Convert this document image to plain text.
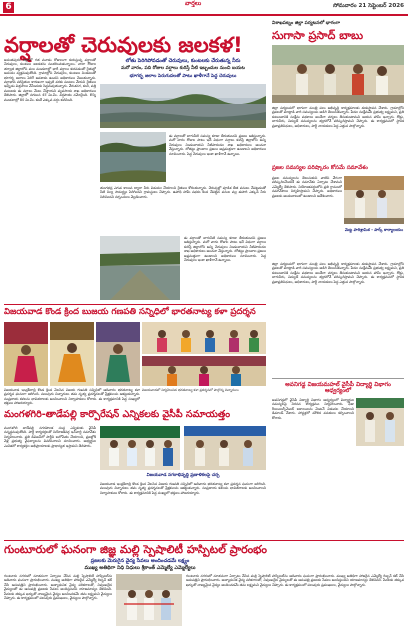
6	వార్తలు	సోమవారం 21 సెప్టెంబర్ 2026
వర్షాలతో చెరువులకు జలకళ!
లోతు పెరిగిపోవడంతో చెరువులు, కుంటలకు చేరుతున్న నీరు
మరో వారం, పది రోజుల వర్షాలు కురిస్తే నీటి ఇబ్బందుల నుంచి బయట
భూగర్భ జలాల పెరుగుదలతో పాటు ఖాళీగానే పెద్ద చెరువులు
అనంతపురం జిల్లాలో గత మూడు రోజులుగా కురుస్తున్న వర్షాలతో చెరువులు, కుంటలు జలకళను సంతరించుకున్నాయి. చాలా రోజుల తర్వాత జిల్లాలోని పలు మండలాల్లో భారీ వర్షాలు కురవడంతో రైతుల్లో ఆనందం వ్యక్తమవుతోంది. గ్రామాల్లోని చెరువులు, కుంటలు నిండటంతో భూగర్భ జలాలు పెరిగే అవకాశం ఉందని అధికారులు చెబుతున్నారు. వర్షాభావ పరిస్థితుల కారణంగా ఇప్పటి వరకు పంటలు వేయని రైతులు ఇప్పుడు విత్తనాలు వేసేందుకు సిద్ధమవుతున్నారు. వేరుశనగ, కంది, పత్తి పంటలకు ఈ వర్షాలు మేలు చేస్తాయని వ్యవసాయ శాఖ అధికారులు తెలిపారు. జిల్లాలో సగటున 45 మి.మీ. వర్షపాతం నమోదైంది. కొన్ని మండలాల్లో 80 మి.మీ. కంటే ఎక్కువ వర్షం కురిసింది.
ఈ వర్షాలతో తాగునీటి సమస్య కూడా తీరుతుందని ప్రజలు ఆశిస్తున్నారు. మరో వారం రోజుల పాటు ఇదే విధంగా వర్షాలు కురిస్తే జిల్లాలోని అన్ని చెరువులు నిండుతాయని నీటిపారుదల శాఖ అధికారులు అంచనా వేస్తున్నారు. లోతట్టు ప్రాంతాల ప్రజలు అప్రమత్తంగా ఉండాలని అధికారులు సూచించారు. పెద్ద చెరువులు ఇంకా ఖాళీగానే ఉన్నాయి.
తుంగభద్ర ఎగువ కాలువ ద్వారా నీరు విడుదల చేయాలని రైతులు కోరుతున్నారు. చెరువుల్లో పూడిక తీత పనులు చేపట్టడంతో నీటి నిల్వ సామర్థ్యం పెరిగిందని గ్రామస్థులు చెప్పారు. ఉపాధి హామీ పథకం కింద చేపట్టిన పనుల వల్ల ఈసారి ఎక్కువ నీరు నిలిచిందని సర్పంచులు వెల్లడించారు.
ఈ వర్షాలతో తాగునీటి సమస్య కూడా తీరుతుందని ప్రజలు ఆశిస్తున్నారు. మరో వారం రోజుల పాటు ఇదే విధంగా వర్షాలు కురిస్తే జిల్లాలోని అన్ని చెరువులు నిండుతాయని నీటిపారుదల శాఖ అధికారులు అంచనా వేస్తున్నారు. లోతట్టు ప్రాంతాల ప్రజలు అప్రమత్తంగా ఉండాలని అధికారులు సూచించారు. పెద్ద చెరువులు ఇంకా ఖాళీగానే ఉన్నాయి.
విశాఖపట్నం జిల్లా పర్యటనలో భాగంగా
సుగాసా ప్రసాద్ బాబు
జిల్లా పర్యటనలో భాగంగా మంత్రి పలు అభివృద్ధి కార్యక్రమాలకు శంకుస్థాపన చేశారు. గ్రామాల్లోని ప్రజలతో మాట్లాడి వారి సమస్యలను అడిగి తెలుసుకున్నారు. పేదల సంక్షేమమే ప్రభుత్వ లక్ష్యమని, ప్రతి కుటుంబానికి సంక్షేమ పథకాలు అందేలా చర్యలు తీసుకుంటామని ఆయన హామీ ఇచ్చారు. రోడ్లు, తాగునీరు, విద్యుత్ సమస్యలను త్వరలోనే పరిష్కరిస్తామని చెప్పారు. ఈ కార్యక్రమంలో స్థానిక ప్రజాప్రతినిధులు, అధికారులు, పార్టీ నాయకులు పెద్ద ఎత్తున పాల్గొన్నారు.
ప్రజల సమస్యల పరిష్కారం కోసమే సమావేశం
ప్రజల సమస్యలను తెలుసుకుని వాటిని వేగంగా పరిష్కరించేందుకే ఈ సమావేశం ఏర్పాటు చేశామని ఎమ్మెల్యే తెలిపారు. నియోజకవర్గంలోని ప్రతి గ్రామంలో సమావేశాలు నిర్వహిస్తామని చెప్పారు. అధికారులు ప్రజలకు అందుబాటులో ఉండాలని ఆదేశించారు.
మెట్ట పారిశ్రామిక - పార్క్ కార్యాలయం
జిల్లా పర్యటనలో భాగంగా మంత్రి పలు అభివృద్ధి కార్యక్రమాలకు శంకుస్థాపన చేశారు. గ్రామాల్లోని ప్రజలతో మాట్లాడి వారి సమస్యలను అడిగి తెలుసుకున్నారు. పేదల సంక్షేమమే ప్రభుత్వ లక్ష్యమని, ప్రతి కుటుంబానికి సంక్షేమ పథకాలు అందేలా చర్యలు తీసుకుంటామని ఆయన హామీ ఇచ్చారు. రోడ్లు, తాగునీరు, విద్యుత్ సమస్యలను త్వరలోనే పరిష్కరిస్తామని చెప్పారు. ఈ కార్యక్రమంలో స్థానిక ప్రజాప్రతినిధులు, అధికారులు, పార్టీ నాయకులు పెద్ద ఎత్తున పాల్గొన్నారు.
విజయవాడ కొండ క్రింద బుజయ గణపతి సన్నిధిలో భారతనాట్య కళా ప్రదర్శన
విజయవాడ ఇంద్రకీలాద్రి కొండ క్రింద వెలసిన విజయ గణపతి సన్నిధిలో ఆదివారం భరతనాట్య కళా ప్రదర్శన ఘనంగా జరిగింది. పలువురు చిన్నారులు తమ నృత్య ప్రదర్శనలతో ప్రేక్షకులను ఆకట్టుకున్నారు. సంప్రదాయ కళలను భావితరాలకు అందించాలని నిర్వాహకులు కోరారు. ఈ కార్యక్రమానికి పెద్ద సంఖ్యలో భక్తులు హాజరయ్యారు.
విజయవాడలో నిర్వహించిన భరతనాట్య కళా ప్రదర్శనలో పాల్గొన్న చిన్నారులు
మంగళగిరి-తాడేపల్లి కార్పొరేషన్ ఎన్నికలకు వైసీపీ సమాయత్తం
మంగళగిరి తాడేపల్లి నగరపాలక సంస్థ ఎన్నికలకు వైసీపీ సన్నద్ధమవుతోంది. పార్టీ కార్యకర్తలతో నియోజకవర్గ ఇన్‌చార్జి సమావేశం నిర్వహించారు. ప్రతి డివిజన్‌లో పార్టీని బలోపేతం చేయాలని, ప్రజల్లోకి వెళ్లి ప్రభుత్వ వైఫల్యాలను వివరించాలని సూచించారు. అభ్యర్థుల ఎంపికలో కార్యకర్తల అభిప్రాయాలకు ప్రాధాన్యత ఇస్తామని తెలిపారు.
విజయవాడ నగరాభివృద్ధి ప్రణాళికలపై చర్చ
విజయవాడ ఇంద్రకీలాద్రి కొండ క్రింద వెలసిన విజయ గణపతి సన్నిధిలో ఆదివారం భరతనాట్య కళా ప్రదర్శన ఘనంగా జరిగింది. పలువురు చిన్నారులు తమ నృత్య ప్రదర్శనలతో ప్రేక్షకులను ఆకట్టుకున్నారు. సంప్రదాయ కళలను భావితరాలకు అందించాలని నిర్వాహకులు కోరారు. ఈ కార్యక్రమానికి పెద్ద సంఖ్యలో భక్తులు హాజరయ్యారు.
అవనిగడ్డ విజయమహల్ వైసీపీ విద్యార్థి విభాగం ఆధ్వర్యంలో
అవనిగడ్డలో వైసీపీ విద్యార్థి విభాగం ఆధ్వర్యంలో విద్యార్థుల సమస్యలపై నిరసన కార్యక్రమం నిర్వహించారు. ఫీజు రీయింబర్స్‌మెంట్ బకాయిలను వెంటనే విడుదల చేయాలని డిమాండ్ చేశారు. హాస్టళ్లలో మౌలిక వసతులు కల్పించాలని కోరారు.
గుంటూరులో ఘనంగా జిజ్ఞ మల్లి స్పెషాలిటీ హస్పిటల్ ప్రారంభం
ప్రజలకు మెరుగైన వైద్య సేవలు అందించడమే లక్ష్యం
ముఖ్య అతిథిగా నిధి నిధులు శ్రీకాంత్ ఎమ్మెల్యే ఎమ్మెల్యేలు
గుంటూరు నగరంలో నూతనంగా ఏర్పాటు చేసిన మల్లి స్పెషాలిటీ హాస్పిటల్‌ను ఆదివారం ఘనంగా ప్రారంభించారు. ముఖ్య అతిథిగా హాజరైన ఎమ్మెల్యే రిబ్బన్ కట్ చేసి ఆసుపత్రిని ప్రారంభించారు. అత్యాధునిక వైద్య పరికరాలతో, నిపుణులైన వైద్యులతో ఈ ఆసుపత్రి ప్రజలకు సేవలు అందిస్తుందని యాజమాన్యం తెలిపింది. పేదలకు తక్కువ ఖర్చుతో నాణ్యమైన వైద్యం అందించడమే తమ లక్ష్యమని వైద్యులు చెప్పారు. ఈ కార్యక్రమంలో పలువురు ప్రముఖులు, వైద్యులు పాల్గొన్నారు.
గుంటూరు నగరంలో నూతనంగా ఏర్పాటు చేసిన మల్లి స్పెషాలిటీ హాస్పిటల్‌ను ఆదివారం ఘనంగా ప్రారంభించారు. ముఖ్య అతిథిగా హాజరైన ఎమ్మెల్యే రిబ్బన్ కట్ చేసి ఆసుపత్రిని ప్రారంభించారు. అత్యాధునిక వైద్య పరికరాలతో, నిపుణులైన వైద్యులతో ఈ ఆసుపత్రి ప్రజలకు సేవలు అందిస్తుందని యాజమాన్యం తెలిపింది. పేదలకు తక్కువ ఖర్చుతో నాణ్యమైన వైద్యం అందించడమే తమ లక్ష్యమని వైద్యులు చెప్పారు. ఈ కార్యక్రమంలో పలువురు ప్రముఖులు, వైద్యులు పాల్గొన్నారు.
